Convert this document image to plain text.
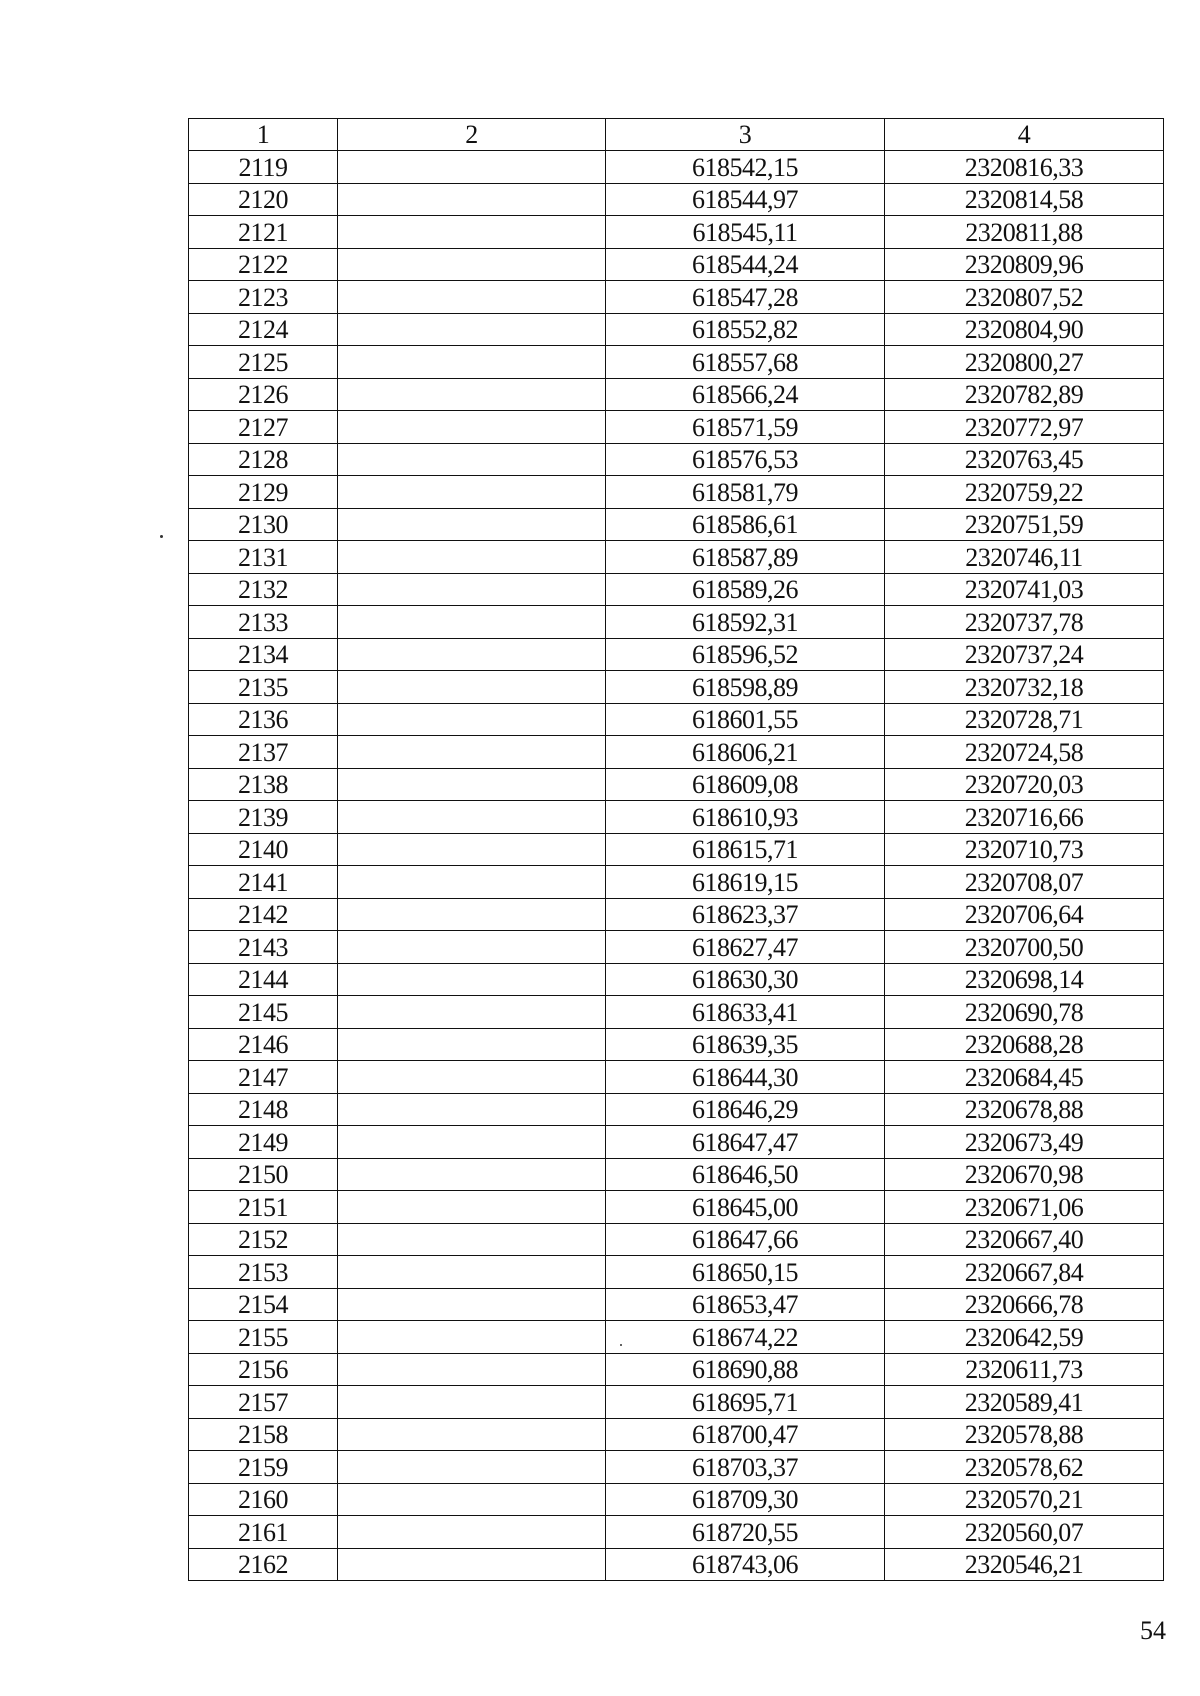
1	2	3	4
2119		618542,15	2320816,33
2120		618544,97	2320814,58
2121		618545,11	2320811,88
2122		618544,24	2320809,96
2123		618547,28	2320807,52
2124		618552,82	2320804,90
2125		618557,68	2320800,27
2126		618566,24	2320782,89
2127		618571,59	2320772,97
2128		618576,53	2320763,45
2129		618581,79	2320759,22
2130		618586,61	2320751,59
2131		618587,89	2320746,11
2132		618589,26	2320741,03
2133		618592,31	2320737,78
2134		618596,52	2320737,24
2135		618598,89	2320732,18
2136		618601,55	2320728,71
2137		618606,21	2320724,58
2138		618609,08	2320720,03
2139		618610,93	2320716,66
2140		618615,71	2320710,73
2141		618619,15	2320708,07
2142		618623,37	2320706,64
2143		618627,47	2320700,50
2144		618630,30	2320698,14
2145		618633,41	2320690,78
2146		618639,35	2320688,28
2147		618644,30	2320684,45
2148		618646,29	2320678,88
2149		618647,47	2320673,49
2150		618646,50	2320670,98
2151		618645,00	2320671,06
2152		618647,66	2320667,40
2153		618650,15	2320667,84
2154		618653,47	2320666,78
2155		618674,22	2320642,59
2156		618690,88	2320611,73
2157		618695,71	2320589,41
2158		618700,47	2320578,88
2159		618703,37	2320578,62
2160		618709,30	2320570,21
2161		618720,55	2320560,07
2162		618743,06	2320546,21
54
